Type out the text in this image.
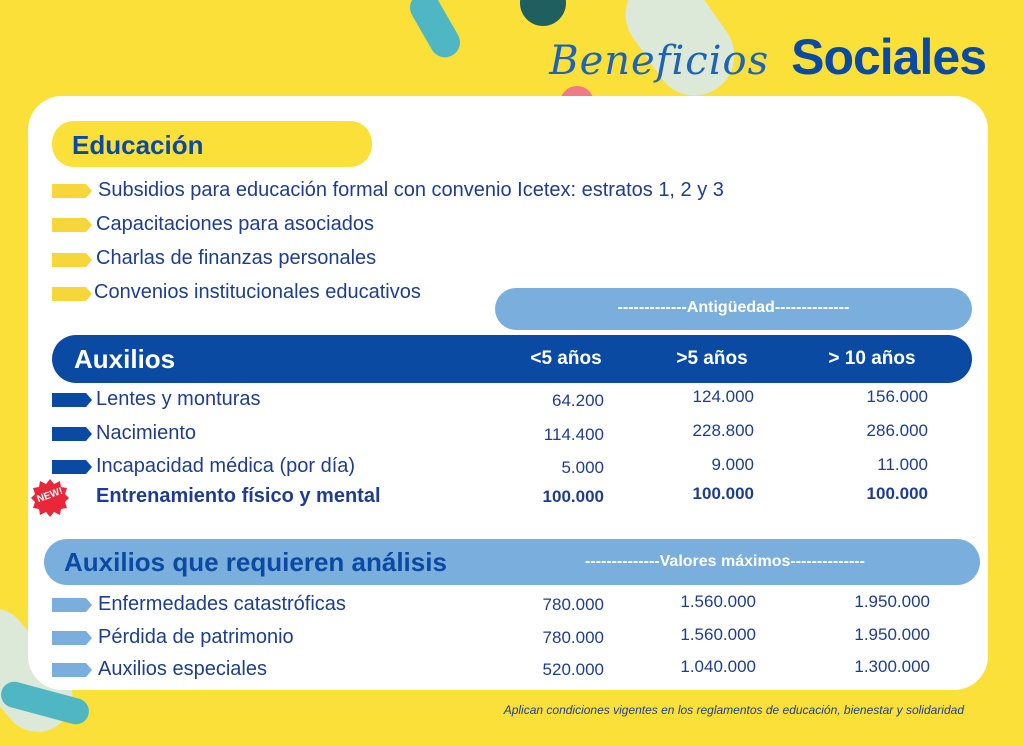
Beneficios Sociales
Educación
Subsidios para educación formal con convenio Icetex: estratos 1, 2 y 3
Capacitaciones para asociados
Charlas de finanzas personales
Convenios institucionales educativos
-------------Antigüedad--------------
Auxilios	<5 años	>5 años	> 10 años
Lentes y monturas	64.200	124.000	156.000
Nacimiento	114.400	228.800	286.000
Incapacidad médica (por día)	5.000	9.000	11.000
NEW!	Entrenamiento físico y mental	100.000	100.000	100.000
Auxilios que requieren análisis	--------------Valores máximos--------------
Enfermedades catastróficas	780.000	1.560.000	1.950.000
Pérdida de patrimonio	780.000	1.560.000	1.950.000
Auxilios especiales	520.000	1.040.000	1.300.000
Aplican condiciones vigentes en los reglamentos de educación, bienestar y solidaridad
